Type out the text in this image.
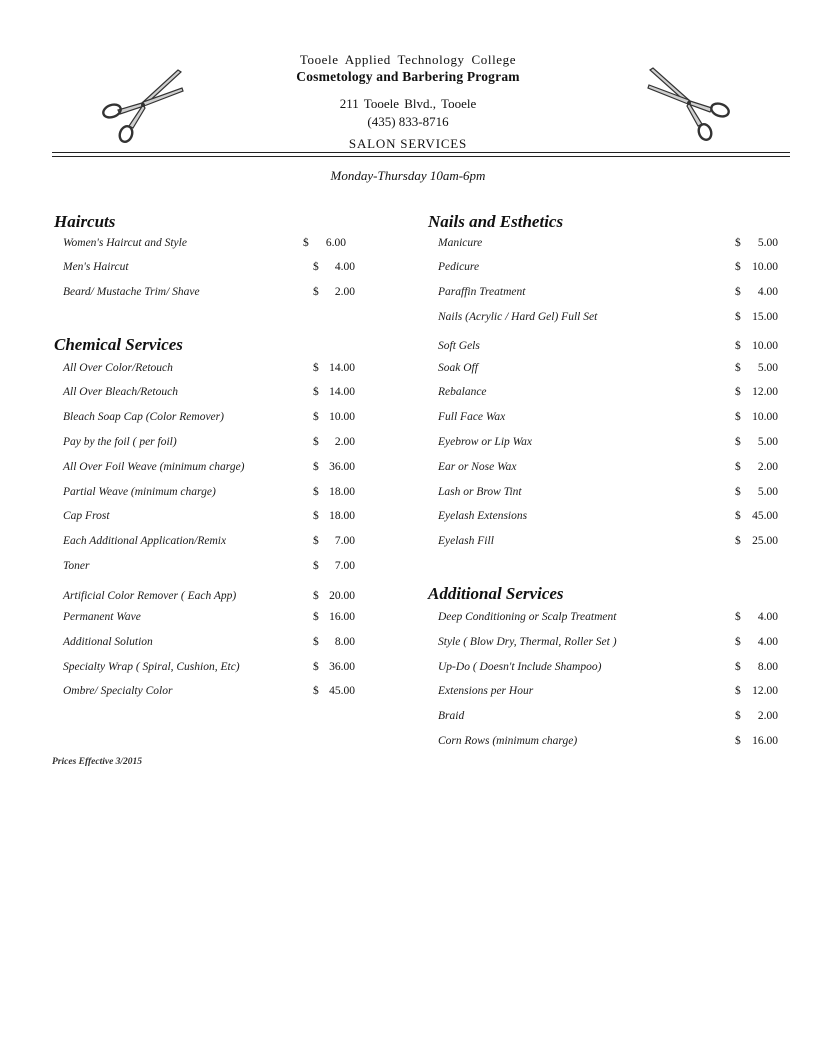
Tooele Applied Technology College
Cosmetology and Barbering Program
211 Tooele Blvd., Tooele
(435) 833-8716
SALON SERVICES
Monday-Thursday 10am-6pm
Haircuts
Chemical Services
Women's Haircut and Style	$	6.00
Men's Haircut	$	4.00
Beard/ Mustache Trim/ Shave	$	2.00
All Over Color/Retouch	$ 14.00
All Over Bleach/Retouch	$ 14.00
Bleach Soap Cap (Color Remover)	$ 10.00
Pay by the foil ( per foil)	$	2.00
All Over Foil Weave (minimum charge)	$ 36.00
Partial Weave (minimum charge)	$ 18.00
Cap Frost	$ 18.00
Each Additional Application/Remix	$	7.00
Toner	$	7.00
Artificial Color Remover ( Each App)	$ 20.00
Permanent Wave	$ 16.00
Additional Solution	$	8.00
Specialty Wrap ( Spiral, Cushion, Etc)	$ 36.00
Ombre/ Specialty Color	$ 45.00
Nails and Esthetics
Additional Services
Manicure	$	5.00
Pedicure	$ 10.00
Paraffin Treatment	$	4.00
Nails (Acrylic / Hard Gel) Full Set	$ 15.00
Soft Gels	$ 10.00
Soak Off	$	5.00
Rebalance	$ 12.00
Full Face Wax	$ 10.00
Eyebrow or Lip Wax	$	5.00
Ear or Nose Wax	$	2.00
Lash or Brow Tint	$	5.00
Eyelash Extensions	$ 45.00
Eyelash Fill	$ 25.00
Deep Conditioning or Scalp Treatment	$	4.00
Style ( Blow Dry, Thermal, Roller Set )	$	4.00
Up-Do ( Doesn't Include Shampoo)	$	8.00
Extensions per Hour	$ 12.00
Braid	$	2.00
Corn Rows (minimum charge)	$ 16.00
Prices Effective 3/2015
